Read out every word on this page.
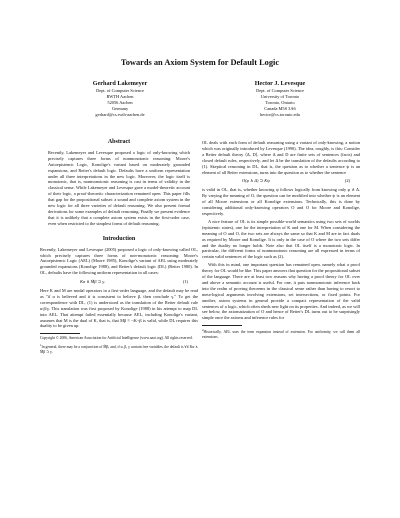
Towards an Axiom System for Default Logic
Gerhard Lakemeyer
Dept. of Computer Science
RWTH Aachen
52056 Aachen
Germany
gerhard@cs.rwth-aachen.de
Hector J. Levesque
Dept. of Computer Science
University of Toronto
Toronto, Ontario
Canada M5S 3A6
hector@cs.toronto.edu
Abstract

Recently, Lakemeyer and Levesque proposed a logic of only-knowing which precisely captures three forms of nonmonotonic reasoning: Moore's Autoepistemic Logic, Konolige's variant based on moderately grounded expansions, and Reiter's default logic. Defaults have a uniform representation under all three interpretations in the new logic. Moreover, the logic itself is monotonic, that is, nonmonotonic reasoning is cast in terms of validity in the classical sense. While Lakemeyer and Levesque gave a model-theoretic account of their logic, a proof-theoretic characterization remained open. This paper fills that gap for the propositional subset: a sound and complete axiom system in the new logic for all three varieties of default reasoning. We also present formal derivations for some examples of default reasoning. Finally we present evidence that it is unlikely that a complete axiom system exists in the first-order case, even when restricted to the simplest forms of default reasoning.

Introduction

Recently, Lakemeyer and Levesque (2005) proposed a logic of only-knowing called OL, which precisely captures three forms of non-monotonic reasoning: Moore's Autoepistemic Logic (AEL) (Moore 1985), Konolige's variant of AEL using moderately grounded expansions (Konolige 1988), and Reiter's default logic (DL) (Reiter 1980). In OL, defaults have the following uniform representation in all cases:

Kα ∧ M̃β ⊃ γ.	(1)

Here K and M are modal operators in a first-order language, and the default may be read as "if α is believed and it is consistent to believe β, then conclude γ." To get the correspondence with DL, (1) is understood as the translation of the Reiter default rule α:β/γ. This translation was first proposed by Konolige (1988) in his attempt to map DL into AEL. That attempt failed essentially because AEL, including Konolige's variant, assumes that M is the dual of K, that is, that Mβ ≡ ¬K¬β is valid, while DL requires this duality to be given up.

Copyright © 2006, American Association for Artificial Intelligence (www.aaai.org). All rights reserved.
$^1$In general, there may be a conjunction of M̃β, and, if α, β, γ contain free variables, the default is ∀x⃗ Kα ∧ M̃β ⊃ γ.

OL deals with each form of default reasoning using a variant of only-knowing, a notion which was originally introduced by Levesque (1990). The idea, roughly, is this: Consider a Reiter default theory ⟨Δ, D⟩, where Δ and D are finite sets of sentences (facts) and closed default rules, respectively, and let Δ be the translation of the defaults according to (1). Skeptical reasoning in DL, that is, the question as to whether a sentence ψ is an element of all Reiter extensions, turns into the question as to whether the sentence

O(φ ∧ Δ) ⊃ Kψ	(2)

is valid in OL, that is, whether knowing ψ follows logically from knowing only φ ∧ Δ. By varying the meaning of O, the question can be modified into whether ψ is an element of all Moore extensions or all Konolige extensions. Technically, this is done by considering additional only-knowing operators O and O for Moore and Konolige, respectively.

A nice feature of OL is its simple possible-world semantics using two sets of worlds (epistemic states), one for the interpretation of K and one for M. When considering the meaning of O and O, the two sets are always the same so that K and M are in fact duals as required by Moore and Konolige. It is only in the case of O where the two sets differ and the duality no longer holds. Note also that OL itself is a monotonic logic. In particular, the different forms of nonmonotonic reasoning are all expressed in terms of certain valid sentences of the logic such as (2).

With this in mind, one important question has remained open, namely what a proof theory for OL would be like. This paper answers that question for the propositional subset of the language. There are at least two reasons why having a proof theory for OL over and above a semantic account is useful. For one, it puts nonmonotonic inference back into the realm of proving theorems in the classical sense rather than having to resort to meta-logical arguments involving extensions, set intersections, or fixed points. For another, axiom systems in general provide a compact representation of the valid sentences of a logic, which often sheds new light on its properties. And indeed, as we will see below, the axiomatization of O and hence of Reiter's DL turns out to be surprisingly simple once the axioms and inference rules for

$^2$Historically, AEL uses the term expansion instead of extension. For uniformity, we call them all extensions.
